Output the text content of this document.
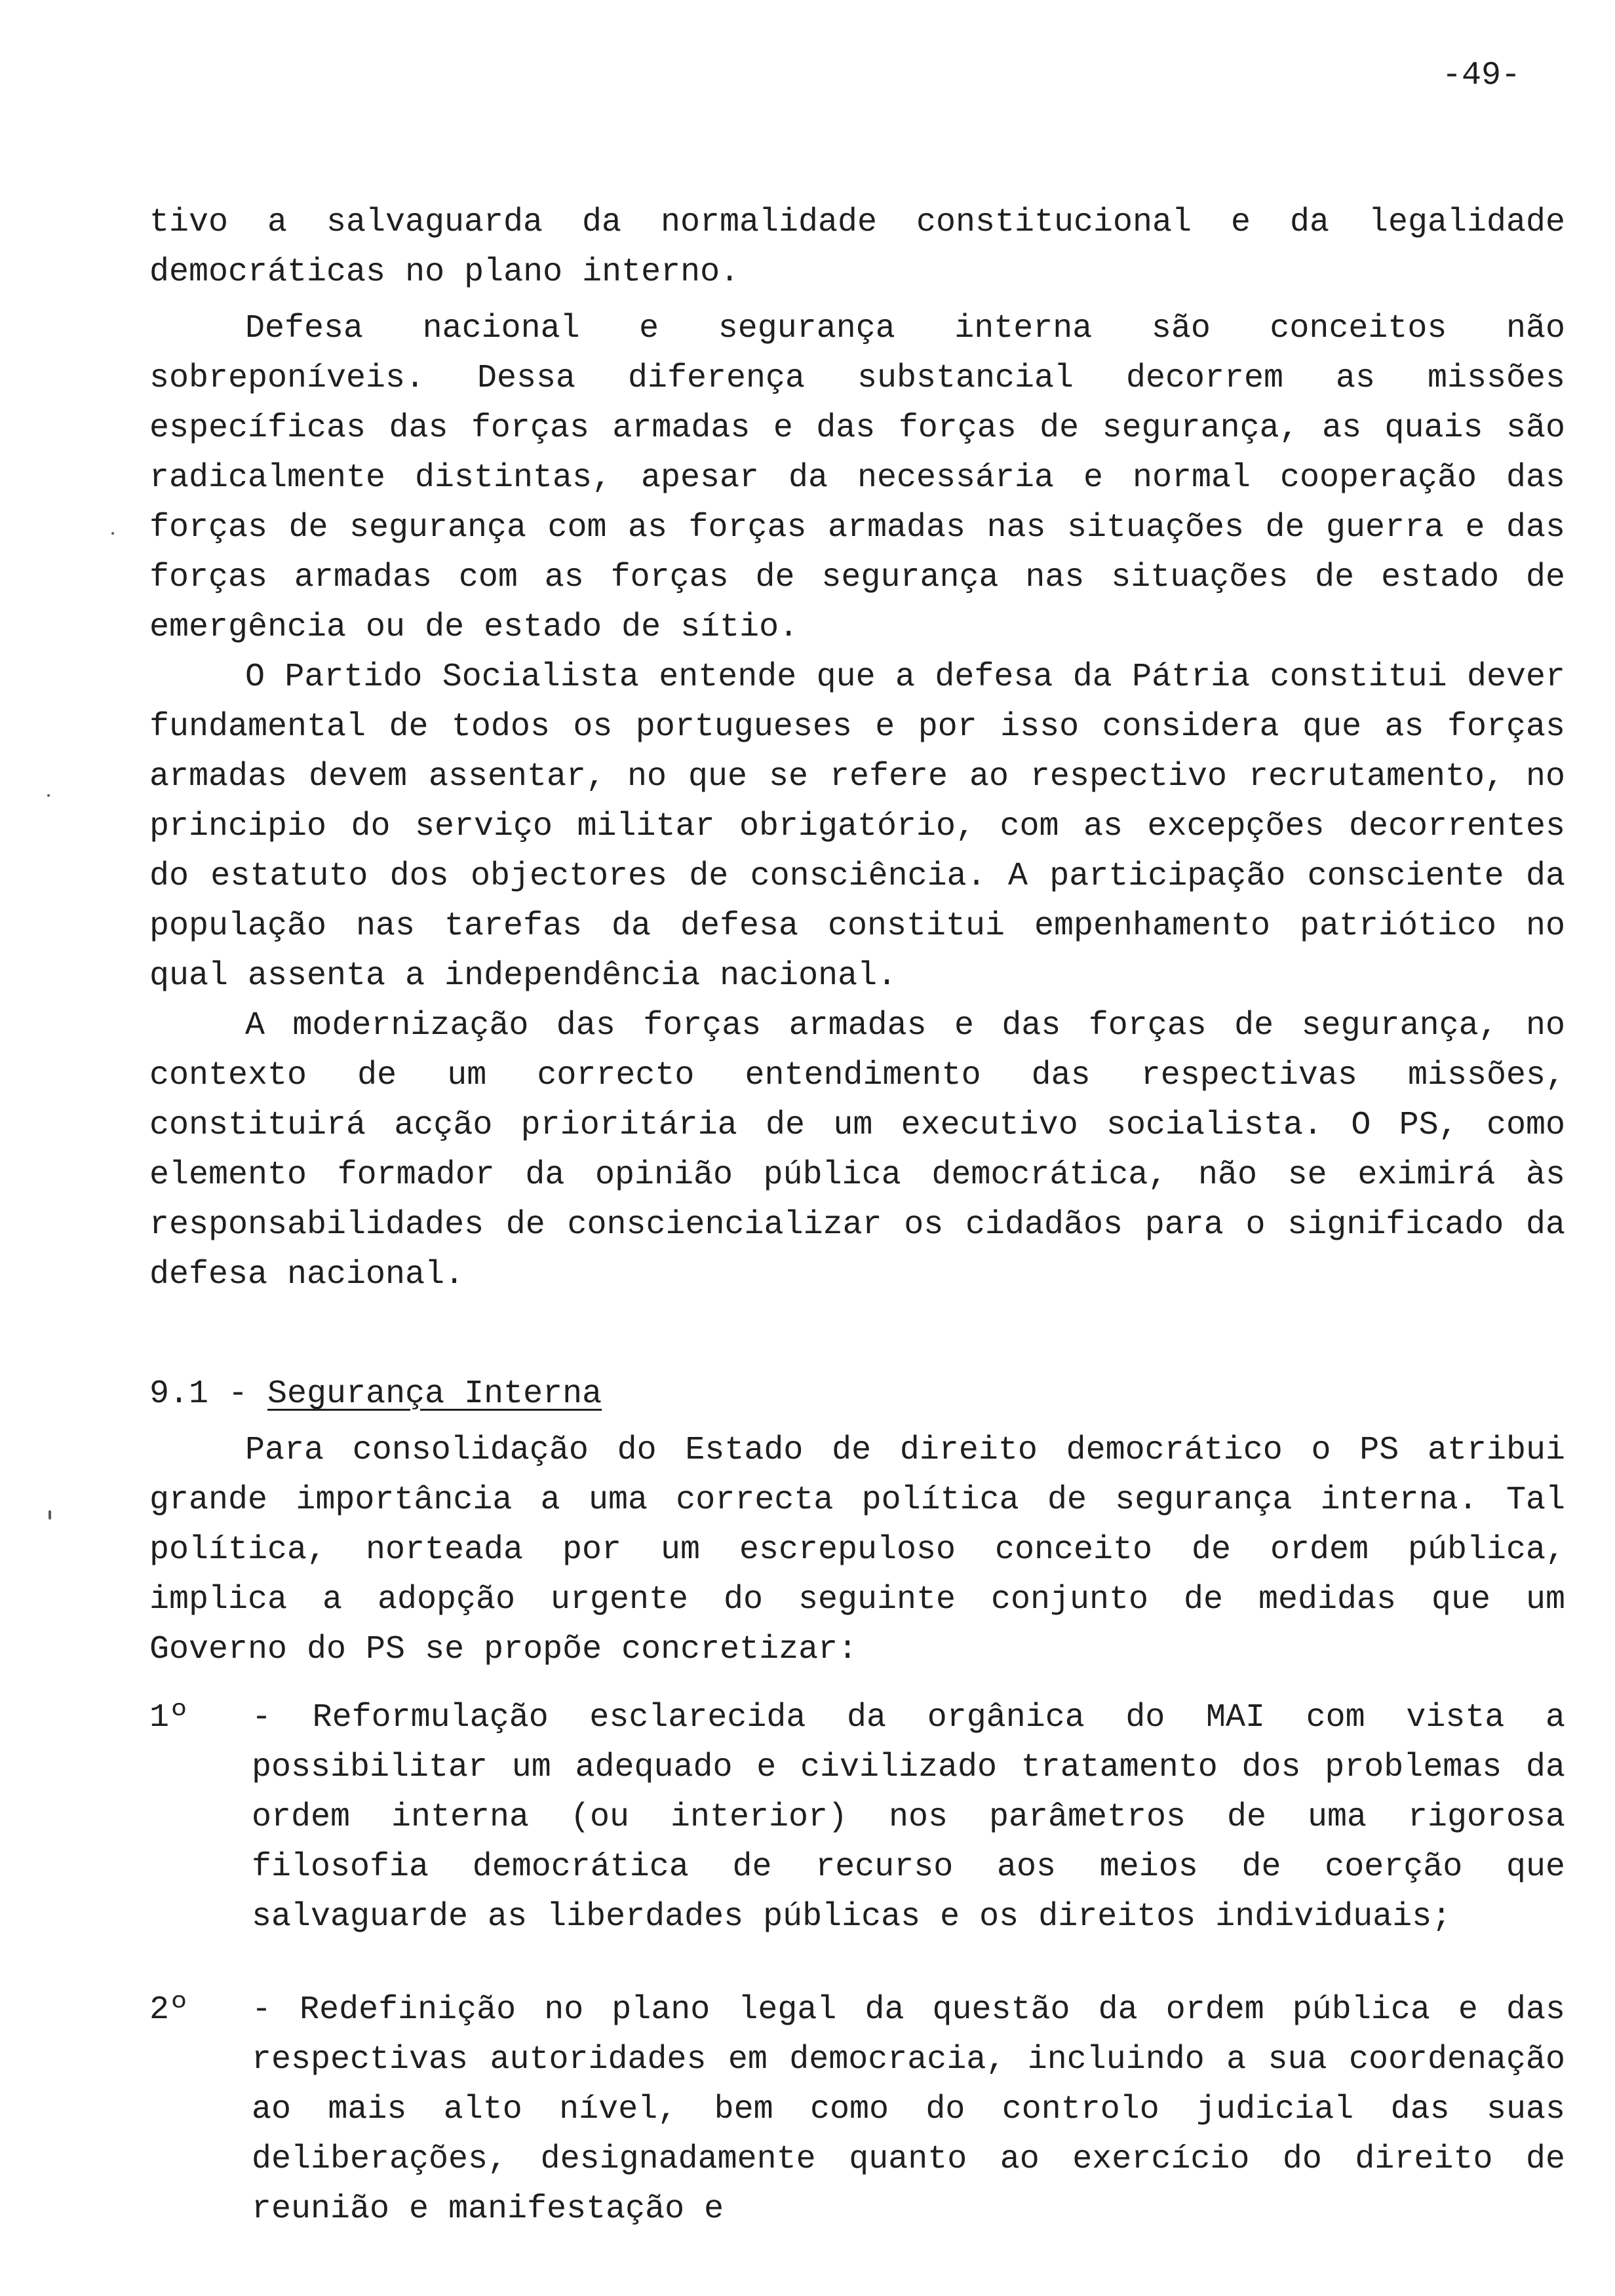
-49-

tivo a salvaguarda da normalidade constitucional e da legalidade democráticas no plano interno.

Defesa nacional e segurança interna são conceitos não sobreponíveis. Dessa diferença substancial decorrem as missões específicas das forças armadas e das forças de segurança, as quais são radicalmente distintas, apesar da necessária e normal cooperação das forças de segurança com as forças armadas nas situações de guerra e das forças armadas com as forças de segurança nas situações de estado de emergência ou de estado de sítio.

O Partido Socialista entende que a defesa da Pátria constitui dever fundamental de todos os portugueses e por isso considera que as forças armadas devem assentar, no que se refere ao respectivo recrutamento, no principio do serviço militar obrigatório, com as excepções decorrentes do estatuto dos objectores de consciência. A participação consciente da população nas tarefas da defesa constitui empenhamento patriótico no qual assenta a independência nacional.

A modernização das forças armadas e das forças de segurança, no contexto de um correcto entendimento das respectivas missões, constituirá acção prioritária de um executivo socialista. O PS, como elemento formador da opinião pública democrática, não se eximirá às responsabilidades de consciencializar os cidadãos para o significado da defesa nacional.

9.1 - Segurança Interna

Para consolidação do Estado de direito democrático o PS atribui grande importância a uma correcta política de segurança interna. Tal política, norteada por um escrepuloso conceito de ordem pública, implica a adopção urgente do seguinte conjunto de medidas que um Governo do PS se propõe concretizar:

1º	- Reformulação esclarecida da orgânica do MAI com vista a possibilitar um adequado e civilizado tratamento dos problemas da ordem interna (ou interior) nos parâmetros de uma rigorosa filosofia democrática de recurso aos meios de coerção que salvaguarde as liberdades públicas e os direitos individuais;

2º	- Redefinição no plano legal da questão da ordem pública e das respectivas autoridades em democracia, incluindo a sua coordenação ao mais alto nível, bem como do controlo judicial das suas deliberações, designadamente quanto ao exercício do direito de reunião e manifestação e
